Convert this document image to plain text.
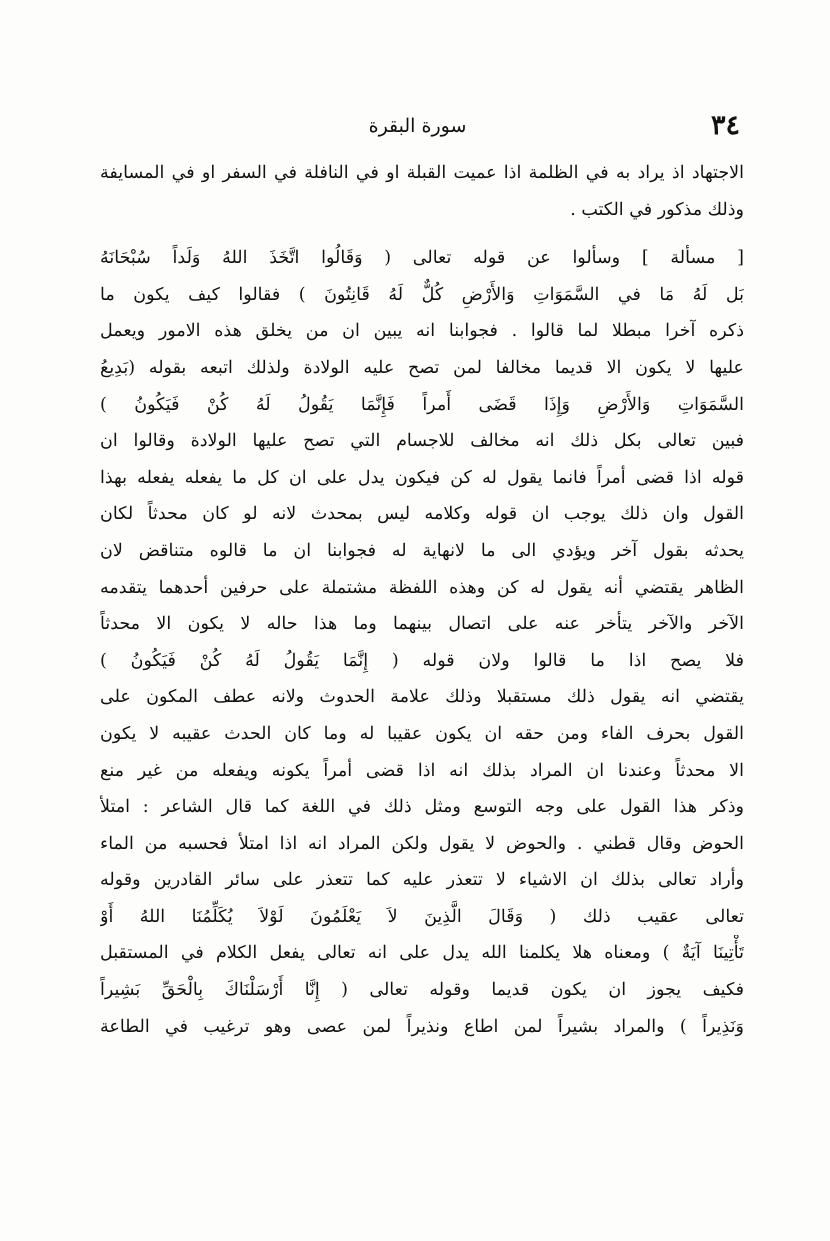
٣٤
سورة البقرة
الاجتهاد اذ يراد به في الظلمة اذا عميت القبلة او في النافلة في السفر او في المسايفة
وذلك مذكور في الكتب .
[ مسألة ] وسألوا عن قوله تعالى ( وَقَالُوا اتَّخَذَ اللهُ وَلَداً سُبْحَانَهُ
بَل لَهُ مَا في السَّمَوَاتِ وَالأَرْضِ كُلٌّ لَهُ قَانِتُونَ ) فقالوا كيف يكون ما
ذكره آخرا مبطلا لما قالوا . فجوابنا انه يبين ان من يخلق هذه الامور ويعمل
عليها لا يكون الا قديما مخالفا لمن تصح عليه الولادة ولذلك اتبعه بقوله (بَدِيعُ
السَّمَوَاتِ وَالأَرْضِ وَإِذَا قَضَى أَمراً فَإِنَّمَا يَقُولُ لَهُ كُنْ فَيَكُونُ )
فبين تعالى بكل ذلك انه مخالف للاجسام التي تصح عليها الولادة وقالوا ان
قوله اذا قضى أمراً فانما يقول له كن فيكون يدل على ان كل ما يفعله يفعله بهذا
القول وان ذلك يوجب ان قوله وكلامه ليس بمحدث لانه لو كان محدثاً لكان
يحدثه بقول آخر ويؤدي الى ما لانهاية له فجوابنا ان ما قالوه متناقض لان
الظاهر يقتضي أنه يقول له كن وهذه اللفظة مشتملة على حرفين أحدهما يتقدمه
الآخر والآخر يتأخر عنه على اتصال بينهما وما هذا حاله لا يكون الا محدثاً
فلا يصح اذا ما قالوا ولان قوله ( إِنَّمَا يَقُولُ لَهُ كُنْ فَيَكُونُ )
يقتضي انه يقول ذلك مستقبلا وذلك علامة الحدوث ولانه عطف المكون على
القول بحرف الفاء ومن حقه ان يكون عقيبا له وما كان الحدث عقيبه لا يكون
الا محدثاً وعندنا ان المراد بذلك انه اذا قضى أمراً يكونه ويفعله من غير منع
وذكر هذا القول على وجه التوسع ومثل ذلك في اللغة كما قال الشاعر : امتلأ
الحوض وقال قطني . والحوض لا يقول ولكن المراد انه اذا امتلأ فحسبه من الماء
وأراد تعالى بذلك ان الاشياء لا تتعذر عليه كما تتعذر على سائر القادرين وقوله
تعالى عقيب ذلك ( وَقَالَ الَّذِينَ لاَ يَعْلَمُونَ لَوْلاَ يُكَلِّمُنَا اللهُ أَوْ
تَأْتِينَا آيَةٌ ) ومعناه هلا يكلمنا الله يدل على انه تعالى يفعل الكلام في المستقبل
فكيف يجوز ان يكون قديما وقوله تعالى ( إِنَّا أَرْسَلْنَاكَ بِالْحَقِّ بَشِيراً
وَنَذِيراً ) والمراد بشيراً لمن اطاع ونذيراً لمن عصى وهو ترغيب في الطاعة
